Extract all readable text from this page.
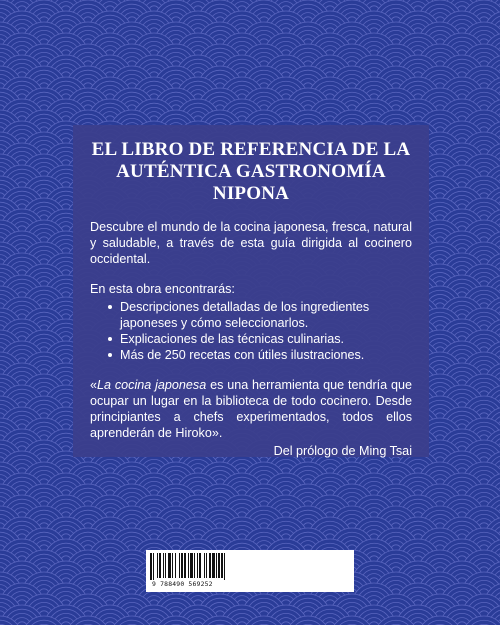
EL LIBRO DE REFERENCIA DE LA
AUTÉNTICA GASTRONOMÍA NIPONA

Descubre el mundo de la cocina japonesa, fresca, natural y saludable, a través de esta guía dirigida al cocinero occidental.

En esta obra encontrarás:

Descripciones detalladas de los ingredientes japoneses y cómo seleccionarlos.
Explicaciones de las técnicas culinarias.
Más de 250 recetas con útiles ilustraciones.

«La cocina japonesa es una herramienta que tendría que ocupar un lugar en la biblioteca de todo cocinero. Desde principiantes a chefs experimentados, todos ellos aprenderán de Hiroko».

Del prólogo de Ming Tsai
9 788490 569252
www.rbalibros.com
RBALIBROS
